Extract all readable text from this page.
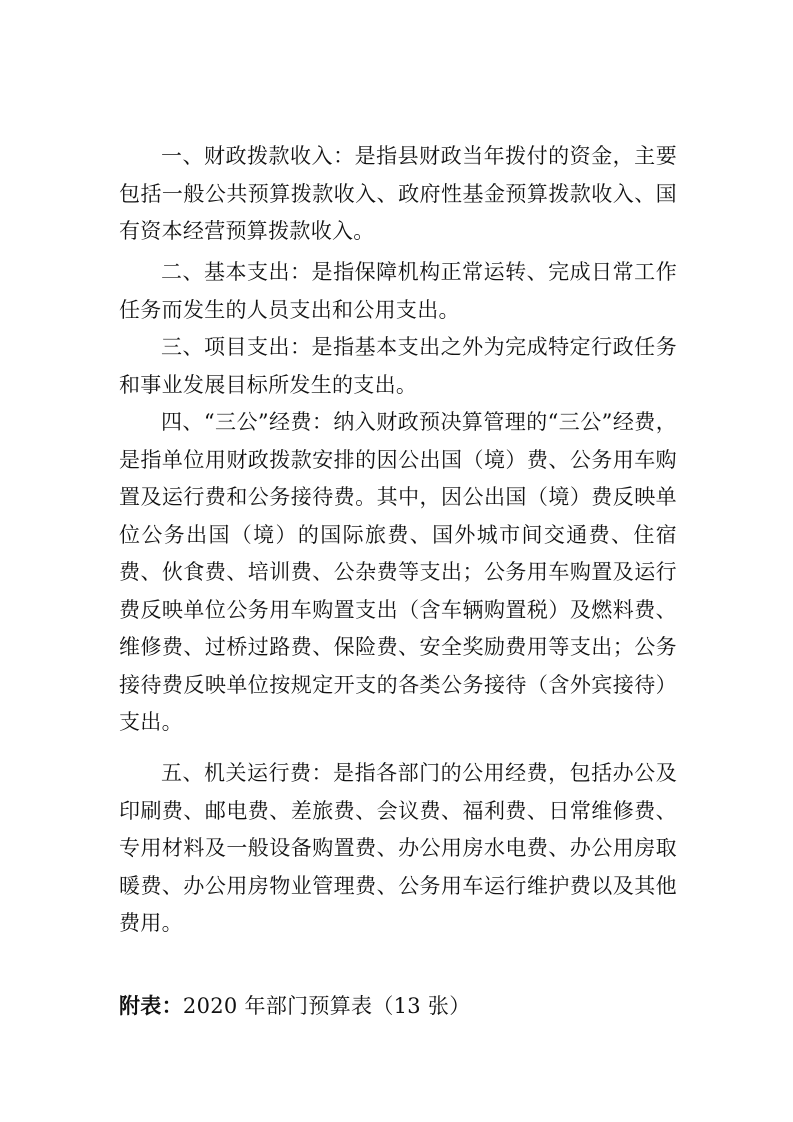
一、财政拨款收入：是指县财政当年拨付的资金，主要包括一般公共预算拨款收入、政府性基金预算拨款收入、国有资本经营预算拨款收入。

二、基本支出：是指保障机构正常运转、完成日常工作任务而发生的人员支出和公用支出。

三、项目支出：是指基本支出之外为完成特定行政任务和事业发展目标所发生的支出。

四、“三公”经费：纳入财政预决算管理的“三公”经费，是指单位用财政拨款安排的因公出国（境）费、公务用车购置及运行费和公务接待费。其中，因公出国（境）费反映单位公务出国（境）的国际旅费、国外城市间交通费、住宿费、伙食费、培训费、公杂费等支出；公务用车购置及运行费反映单位公务用车购置支出（含车辆购置税）及燃料费、维修费、过桥过路费、保险费、安全奖励费用等支出；公务接待费反映单位按规定开支的各类公务接待（含外宾接待）支出。

五、机关运行费：是指各部门的公用经费，包括办公及印刷费、邮电费、差旅费、会议费、福利费、日常维修费、专用材料及一般设备购置费、办公用房水电费、办公用房取暖费、办公用房物业管理费、公务用车运行维护费以及其他费用。

附表：2020 年部门预算表（13 张）
